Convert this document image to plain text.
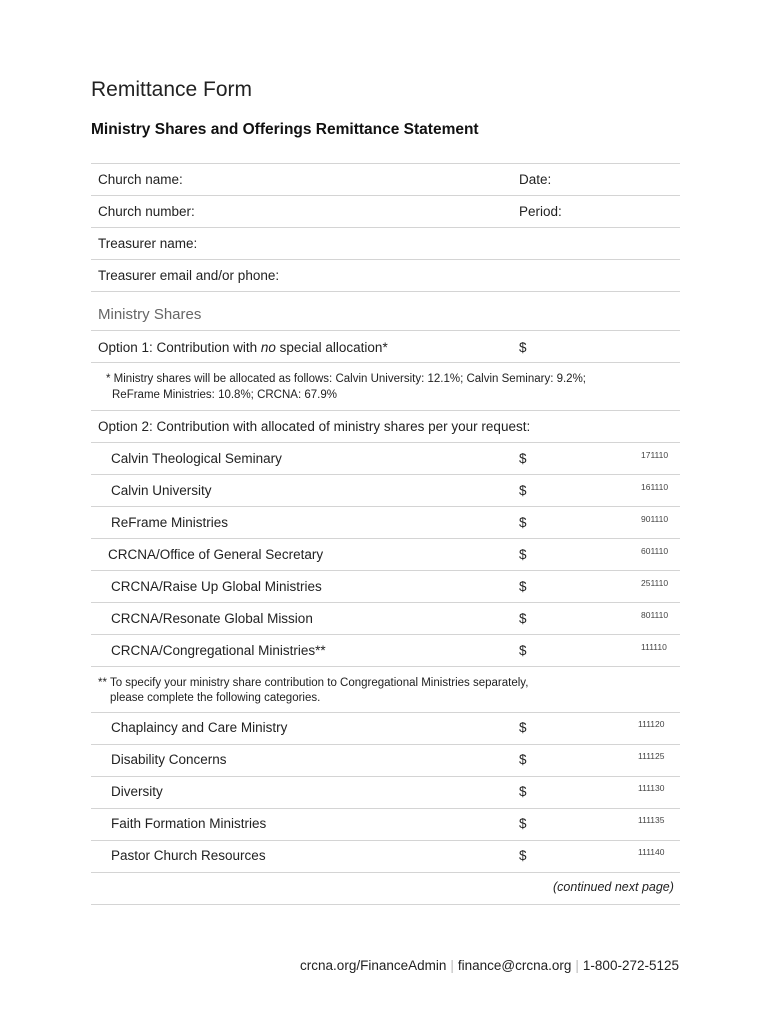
Remittance Form
Ministry Shares and Offerings Remittance Statement
Church name:	Date:
Church number:	Period:
Treasurer name:
Treasurer email and/or phone:
Ministry Shares
Option 1: Contribution with no special allocation*	$
* Ministry shares will be allocated as follows: Calvin University: 12.1%; Calvin Seminary: 9.2%;
ReFrame Ministries: 10.8%; CRCNA: 67.9%
Option 2: Contribution with allocated of ministry shares per your request:
Calvin Theological Seminary	$	171110
Calvin University	$	161110
ReFrame Ministries	$	901110
CRCNA/Office of General Secretary	$	601110
CRCNA/Raise Up Global Ministries	$	251110
CRCNA/Resonate Global Mission	$	801110
CRCNA/Congregational Ministries**	$	111110
** To specify your ministry share contribution to Congregational Ministries separately,
please complete the following categories.
Chaplaincy and Care Ministry	$	111120
Disability Concerns	$	111125
Diversity	$	111130
Faith Formation Ministries	$	111135
Pastor Church Resources	$	111140
(continued next page)
crcna.org/FinanceAdmin | finance@crcna.org | 1-800-272-5125
